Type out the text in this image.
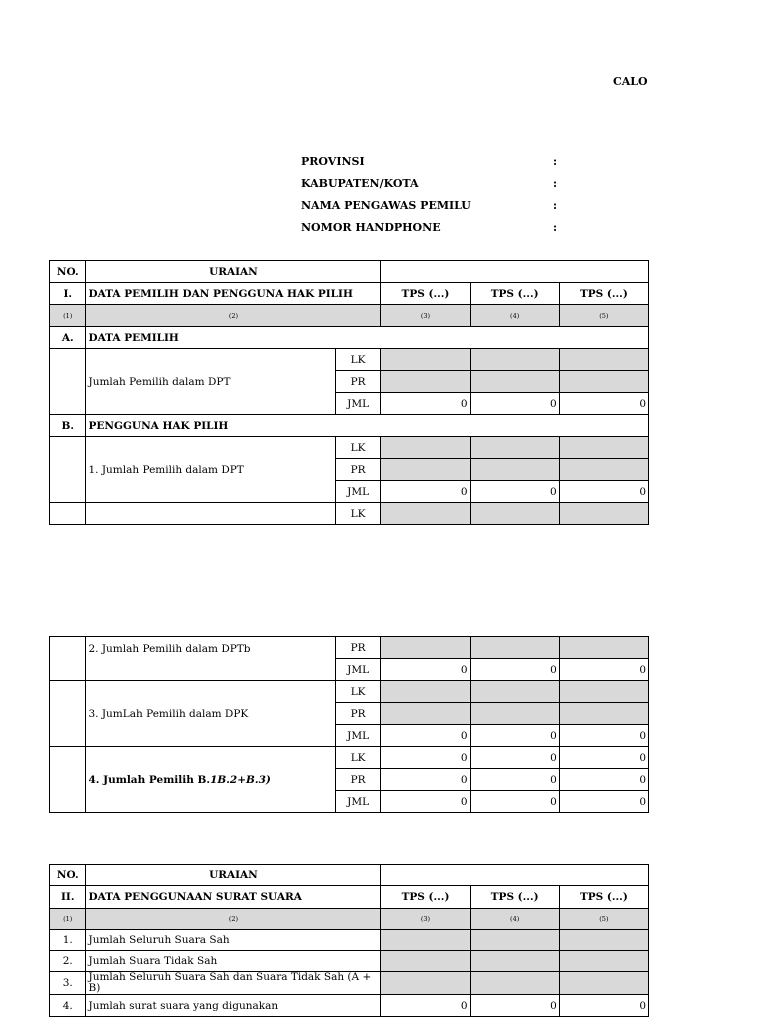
CALO
PROVINSI	:
KABUPATEN/KOTA	:
NAMA PENGAWAS PEMILU	:
NOMOR HANDPHONE	:
NO.	URAIAN				
I.	DATA PEMILIH DAN PENGGUNA HAK PILIH		TPS (...)	TPS (...)	TPS (...)
(1)	(2)		(3)	(4)	(5)
A.	DATA PEMILIH				
	Jumlah Pemilih dalam DPT	LK			
		PR			
		JML	0	0	0
B.	PENGGUNA HAK PILIH				
	1. Jumlah Pemilih dalam DPT	LK			
		PR			
		JML	0	0	0
		LK			
	2. Jumlah Pemilih dalam DPTb	PR			
		JML	0	0	0
	3. JumLah Pemilih dalam DPK	LK			
		PR			
		JML	0	0	0
	4. Jumlah Pemilih B.1B.2+B.3)	LK	0	0	0
		PR	0	0	0
		JML	0	0	0
NO.	URAIAN			
II.	DATA PENGGUNAAN SURAT SUARA	TPS (...)	TPS (...)	TPS (...)
(1)	(2)	(3)	(4)	(5)
1.	Jumlah Seluruh Suara Sah			
2.	Jumlah Suara Tidak Sah			
3.	Jumlah Seluruh Suara Sah dan Suara Tidak Sah (A + B)			
4.	Jumlah surat suara yang digunakan	0	0	0
